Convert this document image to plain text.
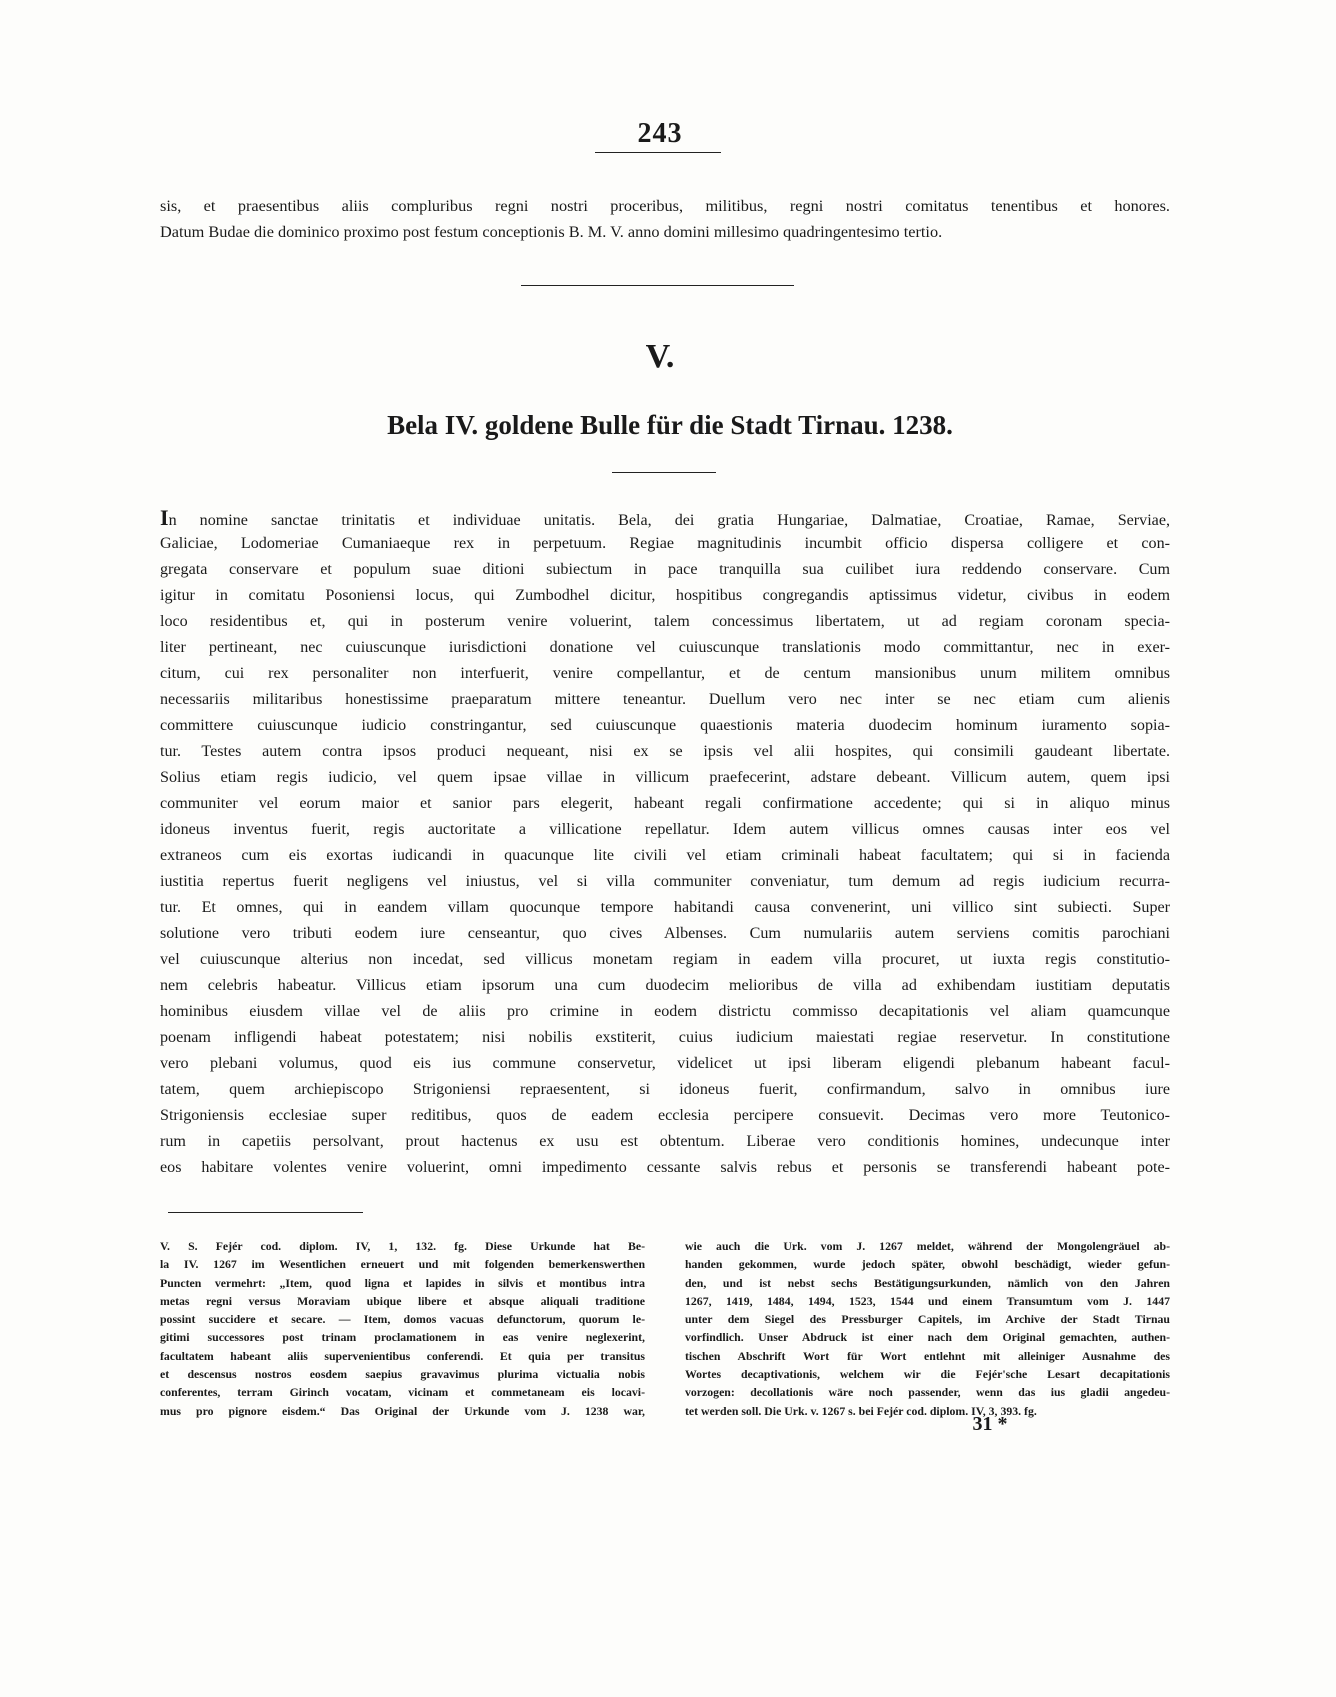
243
sis, et praesentibus aliis compluribus regni nostri proceribus, militibus, regni nostri comitatus tenentibus et honores.
Datum Budae die dominico proximo post festum conceptionis B. M. V. anno domini millesimo quadringentesimo tertio.
V.
Bela IV. goldene Bulle für die Stadt Tirnau. 1238.
In nomine sanctae trinitatis et individuae unitatis. Bela, dei gratia Hungariae, Dalmatiae, Croatiae, Ramae, Serviae,
Galiciae, Lodomeriae Cumaniaeque rex in perpetuum. Regiae magnitudinis incumbit officio dispersa colligere et con-
gregata conservare et populum suae ditioni subiectum in pace tranquilla sua cuilibet iura reddendo conservare. Cum
igitur in comitatu Posoniensi locus, qui Zumbodhel dicitur, hospitibus congregandis aptissimus videtur, civibus in eodem
loco residentibus et, qui in posterum venire voluerint, talem concessimus libertatem, ut ad regiam coronam specia-
liter pertineant, nec cuiuscunque iurisdictioni donatione vel cuiuscunque translationis modo committantur, nec in exer-
citum, cui rex personaliter non interfuerit, venire compellantur, et de centum mansionibus unum militem omnibus
necessariis militaribus honestissime praeparatum mittere teneantur. Duellum vero nec inter se nec etiam cum alienis
committere cuiuscunque iudicio constringantur, sed cuiuscunque quaestionis materia duodecim hominum iuramento sopia-
tur. Testes autem contra ipsos produci nequeant, nisi ex se ipsis vel alii hospites, qui consimili gaudeant libertate.
Solius etiam regis iudicio, vel quem ipsae villae in villicum praefecerint, adstare debeant. Villicum autem, quem ipsi
communiter vel eorum maior et sanior pars elegerit, habeant regali confirmatione accedente; qui si in aliquo minus
idoneus inventus fuerit, regis auctoritate a villicatione repellatur. Idem autem villicus omnes causas inter eos vel
extraneos cum eis exortas iudicandi in quacunque lite civili vel etiam criminali habeat facultatem; qui si in facienda
iustitia repertus fuerit negligens vel iniustus, vel si villa communiter conveniatur, tum demum ad regis iudicium recurra-
tur. Et omnes, qui in eandem villam quocunque tempore habitandi causa convenerint, uni villico sint subiecti. Super
solutione vero tributi eodem iure censeantur, quo cives Albenses. Cum numulariis autem serviens comitis parochiani
vel cuiuscunque alterius non incedat, sed villicus monetam regiam in eadem villa procuret, ut iuxta regis constitutio-
nem celebris habeatur. Villicus etiam ipsorum una cum duodecim melioribus de villa ad exhibendam iustitiam deputatis
hominibus eiusdem villae vel de aliis pro crimine in eodem districtu commisso decapitationis vel aliam quamcunque
poenam infligendi habeat potestatem; nisi nobilis exstiterit, cuius iudicium maiestati regiae reservetur. In constitutione
vero plebani volumus, quod eis ius commune conservetur, videlicet ut ipsi liberam eligendi plebanum habeant facul-
tatem, quem archiepiscopo Strigoniensi repraesentent, si idoneus fuerit, confirmandum, salvo in omnibus iure
Strigoniensis ecclesiae super reditibus, quos de eadem ecclesia percipere consuevit. Decimas vero more Teutonico-
rum in capetiis persolvant, prout hactenus ex usu est obtentum. Liberae vero conditionis homines, undecunque inter
eos habitare volentes venire voluerint, omni impedimento cessante salvis rebus et personis se transferendi habeant pote-
V. S. Fejér cod. diplom. IV, 1, 132. fg. Diese Urkunde hat Be-
la IV. 1267 im Wesentlichen erneuert und mit folgenden bemerkenswerthen
Puncten vermehrt: „Item, quod ligna et lapides in silvis et montibus intra
metas regni versus Moraviam ubique libere et absque aliquali traditione
possint succidere et secare. — Item, domos vacuas defunctorum, quorum le-
gitimi successores post trinam proclamationem in eas venire neglexerint,
facultatem habeant aliis supervenientibus conferendi. Et quia per transitus
et descensus nostros eosdem saepius gravavimus plurima victualia nobis
conferentes, terram Girinch vocatam, vicinam et commetaneam eis locavi-
mus pro pignore eisdem.“ Das Original der Urkunde vom J. 1238 war,
wie auch die Urk. vom J. 1267 meldet, während der Mongolengräuel ab-
handen gekommen, wurde jedoch später, obwohl beschädigt, wieder gefun-
den, und ist nebst sechs Bestätigungsurkunden, nämlich von den Jahren
1267, 1419, 1484, 1494, 1523, 1544 und einem Transumtum vom J. 1447
unter dem Siegel des Pressburger Capitels, im Archive der Stadt Tirnau
vorfindlich. Unser Abdruck ist einer nach dem Original gemachten, authen-
tischen Abschrift Wort für Wort entlehnt mit alleiniger Ausnahme des
Wortes decaptivationis, welchem wir die Fejér'sche Lesart decapitationis
vorzogen: decollationis wäre noch passender, wenn das ius gladii angedeu-
tet werden soll. Die Urk. v. 1267 s. bei Fejér cod. diplom. IV, 3, 393. fg.
31 *
